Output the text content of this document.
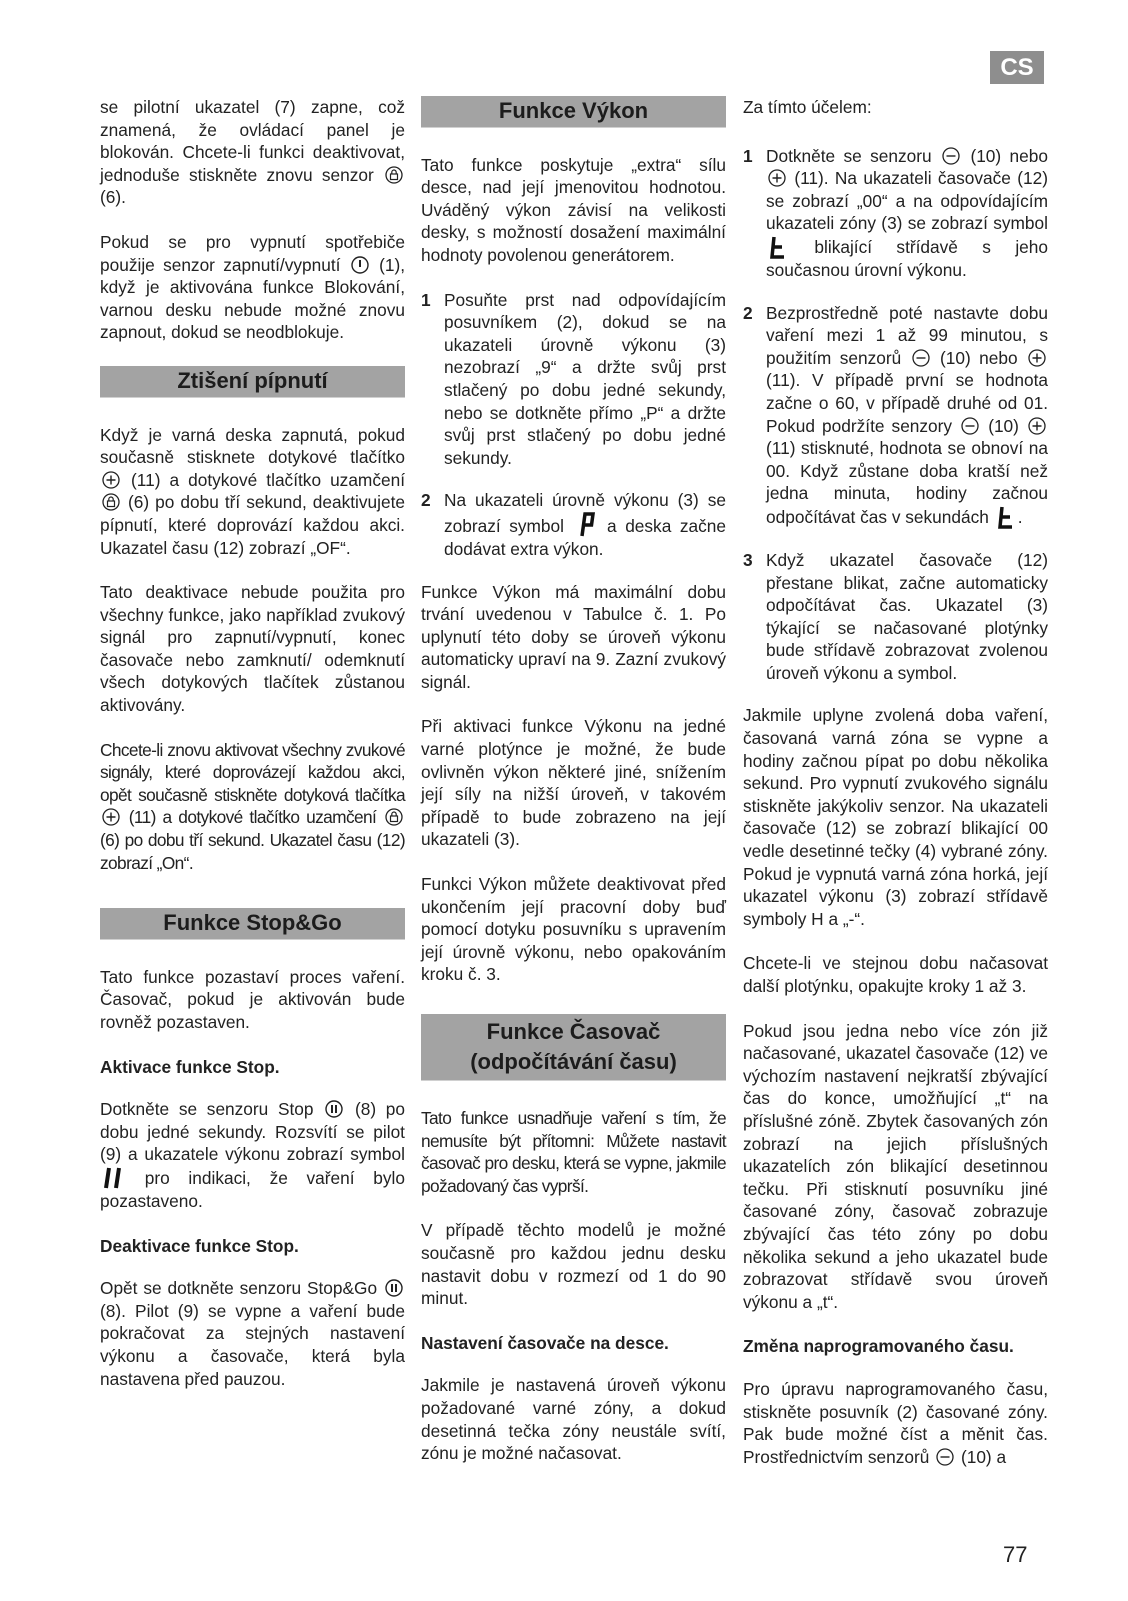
CS

se pilotní ukazatel (7) zapne, což znamená, že ovládací panel je blokován. Chcete-li funkci deaktivovat, jednoduše stiskněte znovu senzor  (6).

Pokud se pro vypnutí spotřebiče použije senzor zapnutí/vypnutí (1), když je aktivována funkce Blokování, varnou desku nebude možné znovu zapnout, dokud se neodblokuje.

Ztišení pípnutí

Když je varná deska zapnutá, pokud současně stisknete dotykové tlačítko  (11) a dotykové tlačítko uzamčení  (6) po dobu tří sekund, deaktivujete pípnutí, které doprovází každou akci. Ukazatel času (12) zobrazí „OF“.

Tato deaktivace nebude použita pro všechny funkce, jako například zvukový signál pro zapnutí/vypnutí, konec časovače nebo zamknutí/ odemknutí všech dotykových tlačítek zůstanou aktivovány.

Chcete-li znovu aktivovat všechny zvukové signály, které doprovázejí každou akci, opět současně stiskněte dotyková tlačítka  (11) a dotykové tlačítko uzamčení  (6) po dobu tří sekund. Ukazatel času (12) zobrazí „On“.

Funkce Stop&Go

Tato funkce pozastaví proces vaření. Časovač, pokud je aktivován bude rovněž pozastaven.

Aktivace funkce Stop.

Dotkněte se senzoru Stop (8) po dobu jedné sekundy. Rozsvítí se pilot (9) a ukazatele výkonu zobrazí symbol  pro indikaci, že vaření bylo pozastaveno.

Deaktivace funkce Stop.

Opět se dotkněte senzoru Stop&Go  (8). Pilot (9) se vypne a vaření bude pokračovat za stejných nastavení výkonu a časovače, která byla nastavena před pauzou.

Funkce Výkon

Tato funkce poskytuje „extra“ sílu desce, nad její jmenovitou hodnotou. Uváděný výkon závisí na velikosti desky, s možností dosažení maximální hodnoty povolenou generátorem.

1 Posuňte prst nad odpovídajícím posuvníkem (2), dokud se na ukazateli úrovně výkonu (3) nezobrazí „9“ a držte svůj prst stlačený po dobu jedné sekundy, nebo se dotkněte přímo „P“ a držte svůj prst stlačený po dobu jedné sekundy.
2 Na ukazateli úrovně výkonu (3) se zobrazí symbol a deska začne dodávat extra výkon.

Funkce Výkon má maximální dobu trvání uvedenou v Tabulce č. 1. Po uplynutí této doby se úroveň výkonu automaticky upraví na 9. Zazní zvukový signál.

Při aktivaci funkce Výkonu na jedné varné plotýnce je možné, že bude ovlivněn výkon některé jiné, snížením její síly na nižší úroveň, v takovém případě to bude zobrazeno na její ukazateli (3).

Funkci Výkon můžete deaktivovat před ukončením její pracovní doby buď pomocí dotyku posuvníku s upravením její úrovně výkonu, nebo opakováním kroku č. 3.

Funkce Časovač
(odpočítávání času)

Tato funkce usnadňuje vaření s tím, že nemusíte být přítomni: Můžete nastavit časovač pro desku, která se vypne, jakmile požadovaný čas vyprší.

V případě těchto modelů je možné současně pro každou jednu desku nastavit dobu v rozmezí od 1 do 90 minut.

Nastavení časovače na desce.

Jakmile je nastavená úroveň výkonu požadované varné zóny, a dokud desetinná tečka zóny neustále svítí, zónu je možné načasovat.

Za tímto účelem:

1 Dotkněte se senzoru (10) nebo  (11). Na ukazateli časovače (12) se zobrazí „00“ a na odpovídajícím ukazateli zóny (3) se zobrazí symbol  blikající střídavě s jeho současnou úrovní výkonu.
2 Bezprostředně poté nastavte dobu vaření mezi 1 až 99 minutou, s použitím senzorů (10) nebo  (11). V případě první se hodnota začne o 60, v případě druhé od 01. Pokud podržíte senzory (10)  (11) stisknuté, hodnota se obnoví na 00. Když zůstane doba kratší než jedna minuta, hodiny začnou odpočítávat čas v sekundách .
3 Když ukazatel časovače (12) přestane blikat, začne automaticky odpočítávat čas. Ukazatel (3) týkající se načasované plotýnky bude střídavě zobrazovat zvolenou úroveň výkonu a symbol.

Jakmile uplyne zvolená doba vaření, časovaná varná zóna se vypne a hodiny začnou pípat po dobu několika sekund. Pro vypnutí zvukového signálu stiskněte jakýkoliv senzor. Na ukazateli časovače (12) se zobrazí blikající 00 vedle desetinné tečky (4) vybrané zóny. Pokud je vypnutá varná zóna horká, její ukazatel výkonu (3) zobrazí střídavě symboly H a „-“.

Chcete-li ve stejnou dobu načasovat další plotýnku, opakujte kroky 1 až 3.

Pokud jsou jedna nebo více zón již načasované, ukazatel časovače (12) ve výchozím nastavení nejkratší zbývající čas do konce, umožňující „t“ na příslušné zóně. Zbytek časovaných zón zobrazí na jejich příslušných ukazatelích zón blikající desetinnou tečku. Při stisknutí posuvníku jiné časované zóny, časovač zobrazuje zbývající čas této zóny po dobu několika sekund a jeho ukazatel bude zobrazovat střídavě svou úroveň výkonu a „t“.

Změna naprogramovaného času.

Pro úpravu naprogramovaného času, stiskněte posuvník (2) časované zóny. Pak bude možné číst a měnit čas. Prostřednictvím senzorů (10) a

77
